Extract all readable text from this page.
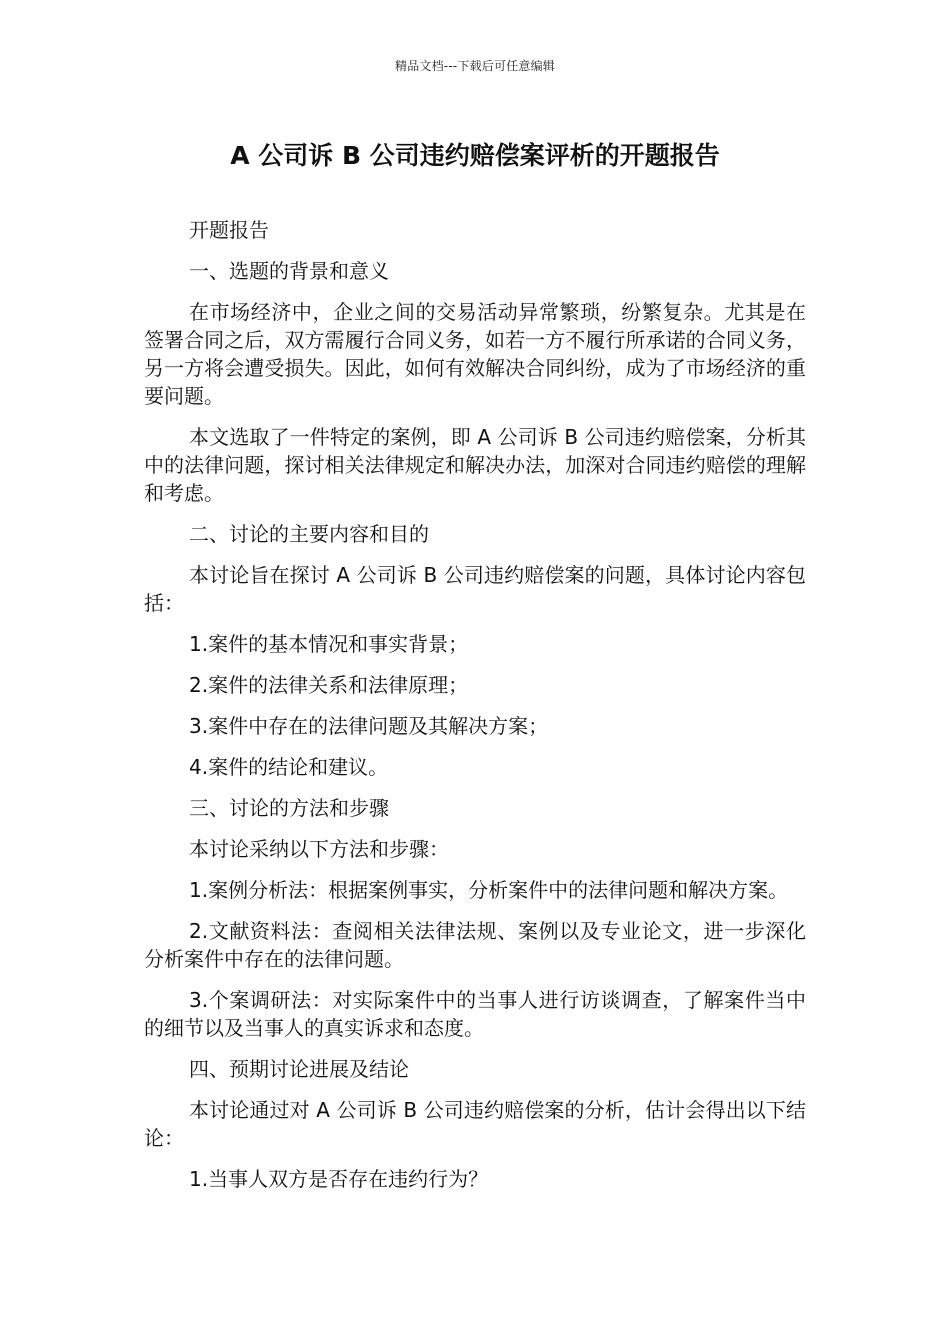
精品文档---下载后可任意编辑
A 公司诉 B 公司违约赔偿案评析的开题报告

开题报告

一、选题的背景和意义

在市场经济中，企业之间的交易活动异常繁琐，纷繁复杂。尤其是在签署合同之后，双方需履行合同义务，如若一方不履行所承诺的合同义务，另一方将会遭受损失。因此，如何有效解决合同纠纷，成为了市场经济的重要问题。

本文选取了一件特定的案例，即 A 公司诉 B 公司违约赔偿案，分析其中的法律问题，探讨相关法律规定和解决办法，加深对合同违约赔偿的理解和考虑。

二、讨论的主要内容和目的

本讨论旨在探讨 A 公司诉 B 公司违约赔偿案的问题，具体讨论内容包括：

1.案件的基本情况和事实背景；

2.案件的法律关系和法律原理；

3.案件中存在的法律问题及其解决方案；

4.案件的结论和建议。

三、讨论的方法和步骤

本讨论采纳以下方法和步骤：

1.案例分析法：根据案例事实，分析案件中的法律问题和解决方案。

2.文献资料法：查阅相关法律法规、案例以及专业论文，进一步深化分析案件中存在的法律问题。

3.个案调研法：对实际案件中的当事人进行访谈调查，了解案件当中的细节以及当事人的真实诉求和态度。

四、预期讨论进展及结论

本讨论通过对 A 公司诉 B 公司违约赔偿案的分析，估计会得出以下结论：

1.当事人双方是否存在违约行为？
